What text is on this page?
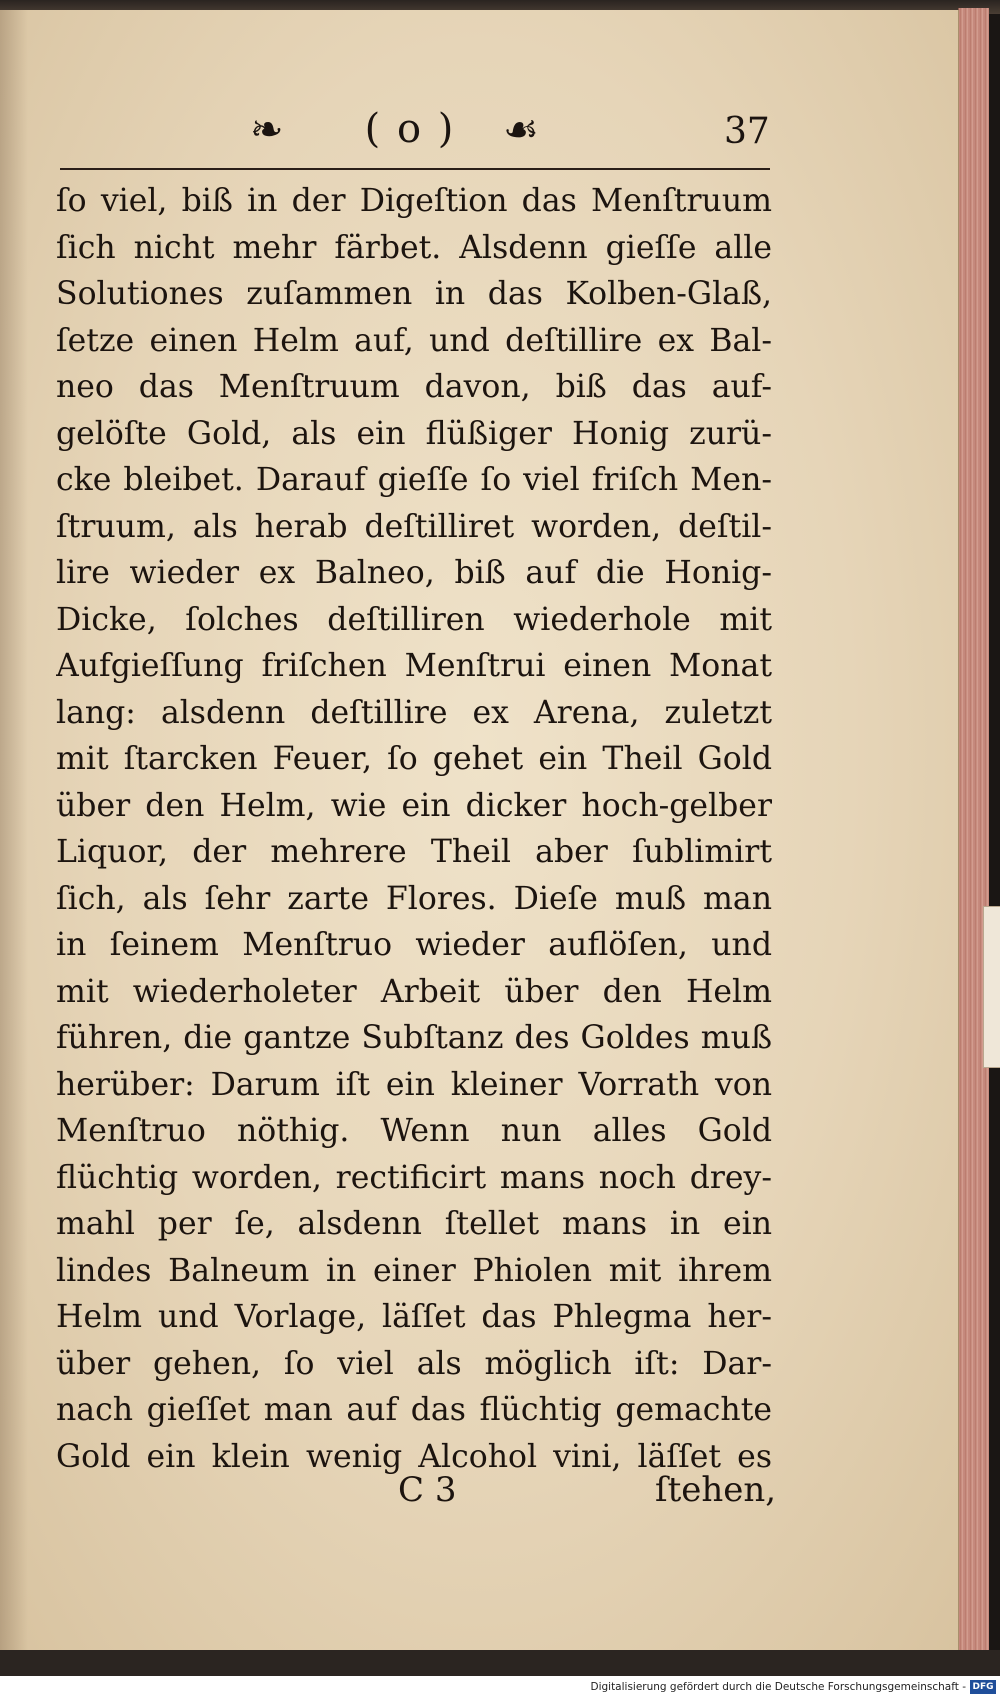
❧	( o )	☙	37
ſo viel, biß in der Digeſtion das Menſtruum
ſich nicht mehr färbet. Alsdenn gieſſe alle
Solutiones zuſammen in das Kolben-Glaß,
ſetze einen Helm auf, und deſtillire ex Bal-
neo das Menſtruum davon, biß das auf-
gelöſte Gold, als ein flüßiger Honig zurü-
cke bleibet. Darauf gieſſe ſo viel friſch Men-
ſtruum, als herab deſtilliret worden, deſtil-
lire wieder ex Balneo, biß auf die Honig-
Dicke, ſolches deſtilliren wiederhole mit
Aufgieſſung friſchen Menſtrui einen Monat
lang: alsdenn deſtillire ex Arena, zuletzt
mit ſtarcken Feuer, ſo gehet ein Theil Gold
über den Helm, wie ein dicker hoch-gelber
Liquor, der mehrere Theil aber ſublimirt
ſich, als ſehr zarte Flores. Dieſe muß man
in ſeinem Menſtruo wieder auflöſen, und
mit wiederholeter Arbeit über den Helm
führen, die gantze Subſtanz des Goldes muß
herüber: Darum iſt ein kleiner Vorrath von
Menſtruo nöthig. Wenn nun alles Gold
flüchtig worden, rectificirt mans noch drey-
mahl per ſe, alsdenn ſtellet mans in ein
lindes Balneum in einer Phiolen mit ihrem
Helm und Vorlage, läſſet das Phlegma her-
über gehen, ſo viel als möglich iſt: Dar-
nach gieſſet man auf das flüchtig gemachte
Gold ein klein wenig Alcohol vini, läſſet es
C 3	ſtehen,
Digitalisierung gefördert durch die Deutsche Forschungsgemeinschaft - DFG
